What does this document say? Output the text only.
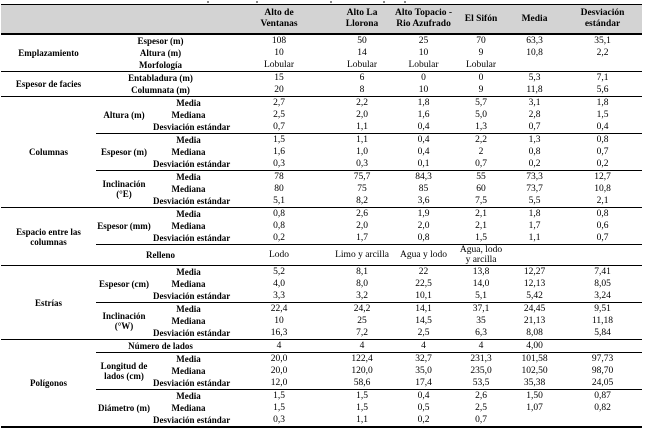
			Alto de Ventanas	Alto La Llorona	Alto Topacio -Rio Azufrado	El Sifón	Media	Desviación estándar
Emplazamiento	Espesor (m)		108	50	25	70	63,3	35,1
	Altura (m)		10	14	10	9	10,8	2,2
	Morfología		Lobular	Lobular	Lobular	Lobular		
Espesor de facies	Entabladura (m)		15	6	0	0	5,3	7,1
	Columnata (m)		20	8	10	9	11,8	5,6
Columnas	Altura (m)	Media	2,7	2,2	1,8	5,7	3,1	1,8
		Mediana	2,5	2,0	1,6	5,0	2,8	1,5
		Desviación estándar	0,7	1,1	0,4	1,3	0,7	0,4
	Espesor (m)	Media	1,5	1,1	0,4	2,2	1,3	0,8
		Mediana	1,6	1,0	0,4	2	0,8	0,7
		Desviación estándar	0,3	0,3	0,1	0,7	0,2	0,2
	Inclinación (°E)	Media	78	75,7	84,3	55	73,3	12,7
		Mediana	80	75	85	60	73,7	10,8
		Desviación estándar	5,1	8,2	3,6	7,5	5,5	2,1
Espacio entre las columnas	Espesor (mm)	Media	0,8	2,6	1,9	2,1	1,8	0,8
		Mediana	0,8	2,0	2,0	2,1	1,7	0,6
		Desviación estándar	0,2	1,7	0,8	1,5	1,1	0,7
	Relleno		Lodo	Limo y arcilla	Agua y lodo	Agua, lodo y arcilla		
Estrías	Espesor (cm)	Media	5,2	8,1	22	13,8	12,27	7,41
		Mediana	4,0	8,0	22,5	14,0	12,13	8,05
		Desviación estándar	3,3	3,2	10,1	5,1	5,42	3,24
	Inclinación (°W)	Media	22,4	24,2	14,1	37,1	24,45	9,51
		Mediana	10	25	14,5	35	21,13	11,18
		Desviación estándar	16,3	7,2	2,5	6,3	8,08	5,84
Polígonos	Número de lados		4	4	4	4	4,00	
	Longitud de lados (cm)	Media	20,0	122,4	32,7	231,3	101,58	97,73
		Mediana	20,0	120,0	35,0	235,0	102,50	98,70
		Desviación estándar	12,0	58,6	17,4	53,5	35,38	24,05
	Diámetro (m)	Media	1,5	1,5	0,4	2,6	1,50	0,87
		Mediana	1,5	1,5	0,5	2,5	1,07	0,82
		Desviación estándar	0,3	1,1	0,2	0,7		
